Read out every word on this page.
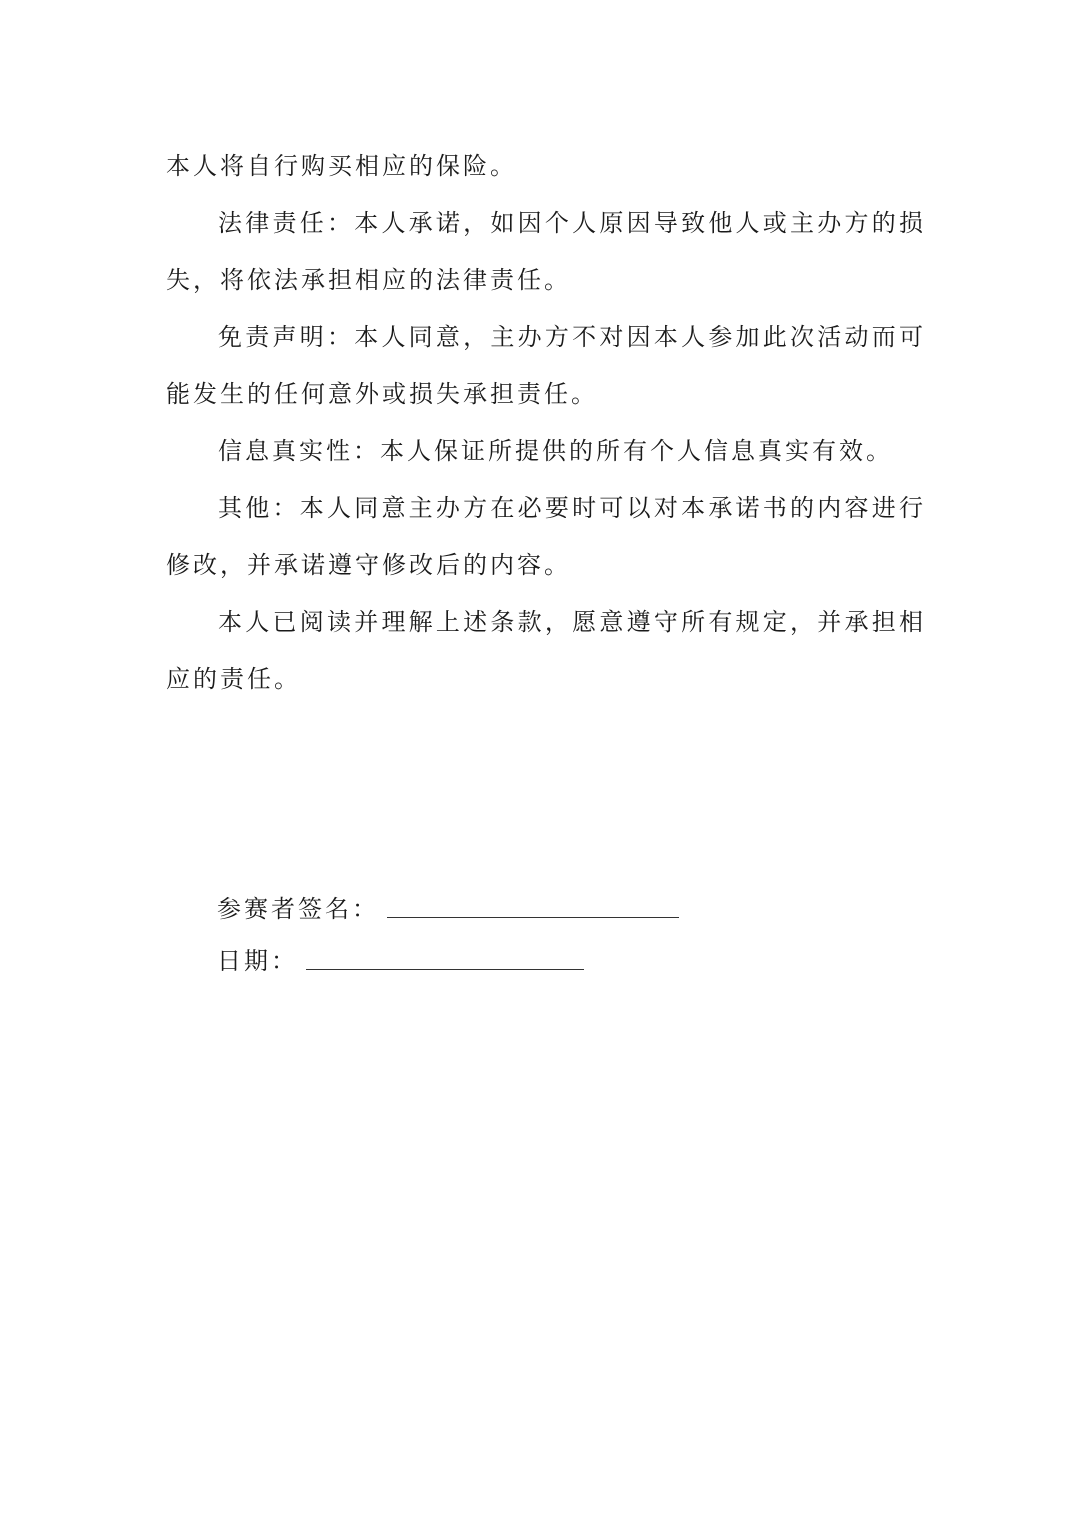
本人将自行购买相应的保险。

法律责任：本人承诺，如因个人原因导致他人或主办方的损失，将依法承担相应的法律责任。

免责声明：本人同意，主办方不对因本人参加此次活动而可能发生的任何意外或损失承担责任。

信息真实性：本人保证所提供的所有个人信息真实有效。

其他：本人同意主办方在必要时可以对本承诺书的内容进行修改，并承诺遵守修改后的内容。

本人已阅读并理解上述条款，愿意遵守所有规定，并承担相应的责任。

参赛者签名：
日期：
